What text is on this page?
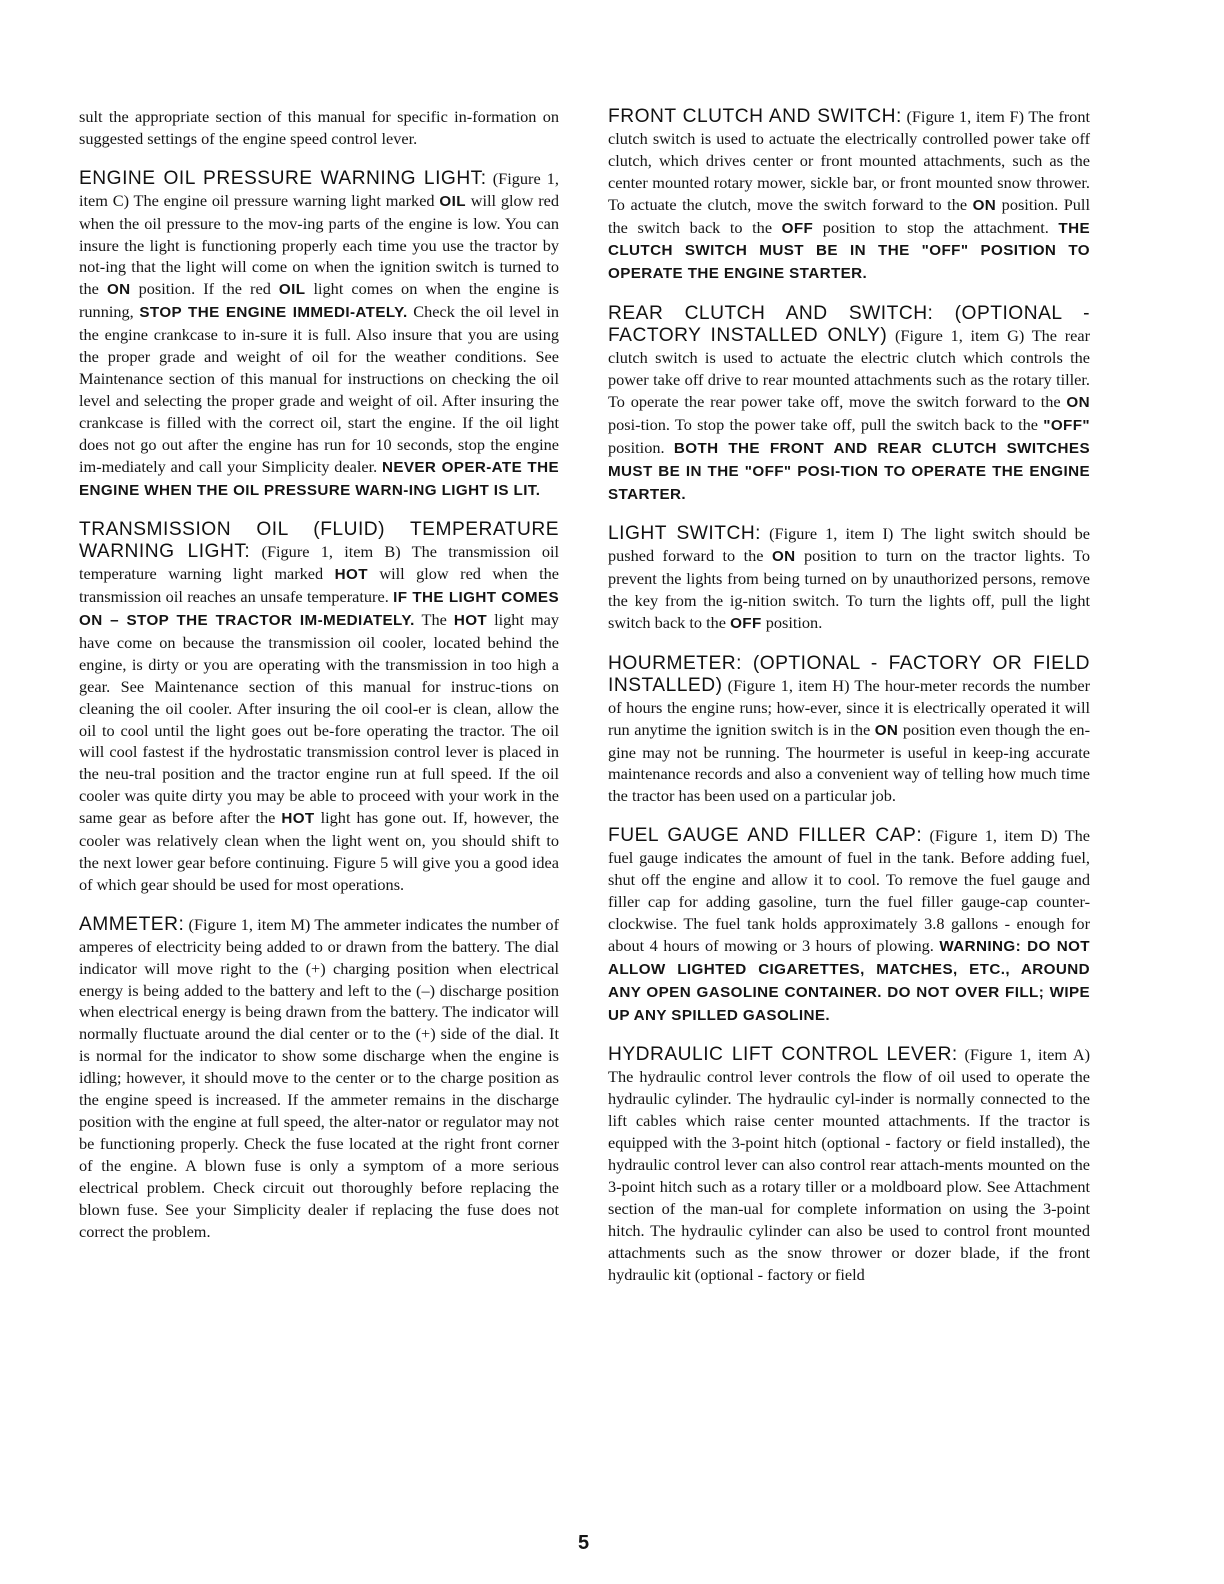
sult the appropriate section of this manual for specific in-formation on suggested settings of the engine speed control lever.

ENGINE OIL PRESSURE WARNING LIGHT: (Figure 1, item C) The engine oil pressure warning light marked OIL will glow red when the oil pressure to the mov-ing parts of the engine is low. You can insure the light is functioning properly each time you use the tractor by not-ing that the light will come on when the ignition switch is turned to the ON position. If the red OIL light comes on when the engine is running, STOP THE ENGINE IMMEDI-ATELY. Check the oil level in the engine crankcase to in-sure it is full. Also insure that you are using the proper grade and weight of oil for the weather conditions. See Maintenance section of this manual for instructions on checking the oil level and selecting the proper grade and weight of oil. After insuring the crankcase is filled with the correct oil, start the engine. If the oil light does not go out after the engine has run for 10 seconds, stop the engine im-mediately and call your Simplicity dealer. NEVER OPER-ATE THE ENGINE WHEN THE OIL PRESSURE WARN-ING LIGHT IS LIT.

TRANSMISSION OIL (FLUID) TEMPERATURE WARNING LIGHT: (Figure 1, item B) The transmission oil temperature warning light marked HOT will glow red when the transmission oil reaches an unsafe temperature. IF THE LIGHT COMES ON – STOP THE TRACTOR IM-MEDIATELY. The HOT light may have come on because the transmission oil cooler, located behind the engine, is dirty or you are operating with the transmission in too high a gear. See Maintenance section of this manual for instruc-tions on cleaning the oil cooler. After insuring the oil cool-er is clean, allow the oil to cool until the light goes out be-fore operating the tractor. The oil will cool fastest if the hydrostatic transmission control lever is placed in the neu-tral position and the tractor engine run at full speed. If the oil cooler was quite dirty you may be able to proceed with your work in the same gear as before after the HOT light has gone out. If, however, the cooler was relatively clean when the light went on, you should shift to the next lower gear before continuing. Figure 5 will give you a good idea of which gear should be used for most operations.

AMMETER: (Figure 1, item M) The ammeter indicates the number of amperes of electricity being added to or drawn from the battery. The dial indicator will move right to the (+) charging position when electrical energy is being added to the battery and left to the (–) discharge position when electrical energy is being drawn from the battery. The indicator will normally fluctuate around the dial center or to the (+) side of the dial. It is normal for the indicator to show some discharge when the engine is idling; however, it should move to the center or to the charge position as the engine speed is increased. If the ammeter remains in the discharge position with the engine at full speed, the alter-nator or regulator may not be functioning properly. Check the fuse located at the right front corner of the engine. A blown fuse is only a symptom of a more serious electrical problem. Check circuit out thoroughly before replacing the blown fuse. See your Simplicity dealer if replacing the fuse does not correct the problem.

FRONT CLUTCH AND SWITCH: (Figure 1, item F) The front clutch switch is used to actuate the electrically controlled power take off clutch, which drives center or front mounted attachments, such as the center mounted rotary mower, sickle bar, or front mounted snow thrower. To actuate the clutch, move the switch forward to the ON position. Pull the switch back to the OFF position to stop the attachment. THE CLUTCH SWITCH MUST BE IN THE "OFF" POSITION TO OPERATE THE ENGINE STARTER.

REAR CLUTCH AND SWITCH: (OPTIONAL - FACTORY INSTALLED ONLY) (Figure 1, item G) The rear clutch switch is used to actuate the electric clutch which controls the power take off drive to rear mounted attachments such as the rotary tiller. To operate the rear power take off, move the switch forward to the ON posi-tion. To stop the power take off, pull the switch back to the "OFF" position. BOTH THE FRONT AND REAR CLUTCH SWITCHES MUST BE IN THE "OFF" POSI-TION TO OPERATE THE ENGINE STARTER.

LIGHT SWITCH: (Figure 1, item I) The light switch should be pushed forward to the ON position to turn on the tractor lights. To prevent the lights from being turned on by unauthorized persons, remove the key from the ig-nition switch. To turn the lights off, pull the light switch back to the OFF position.

HOURMETER: (OPTIONAL - FACTORY OR FIELD INSTALLED) (Figure 1, item H) The hour-meter records the number of hours the engine runs; how-ever, since it is electrically operated it will run anytime the ignition switch is in the ON position even though the en-gine may not be running. The hourmeter is useful in keep-ing accurate maintenance records and also a convenient way of telling how much time the tractor has been used on a particular job.

FUEL GAUGE AND FILLER CAP: (Figure 1, item D) The fuel gauge indicates the amount of fuel in the tank. Before adding fuel, shut off the engine and allow it to cool. To remove the fuel gauge and filler cap for adding gasoline, turn the fuel filler gauge-cap counter-clockwise. The fuel tank holds approximately 3.8 gallons - enough for about 4 hours of mowing or 3 hours of plowing. WARNING: DO NOT ALLOW LIGHTED CIGARETTES, MATCHES, ETC., AROUND ANY OPEN GASOLINE CONTAINER. DO NOT OVER FILL; WIPE UP ANY SPILLED GASOLINE.

HYDRAULIC LIFT CONTROL LEVER: (Figure 1, item A) The hydraulic control lever controls the flow of oil used to operate the hydraulic cylinder. The hydraulic cyl-inder is normally connected to the lift cables which raise center mounted attachments. If the tractor is equipped with the 3-point hitch (optional - factory or field installed), the hydraulic control lever can also control rear attach-ments mounted on the 3-point hitch such as a rotary tiller or a moldboard plow. See Attachment section of the man-ual for complete information on using the 3-point hitch. The hydraulic cylinder can also be used to control front mounted attachments such as the snow thrower or dozer blade, if the front hydraulic kit (optional - factory or field

5
